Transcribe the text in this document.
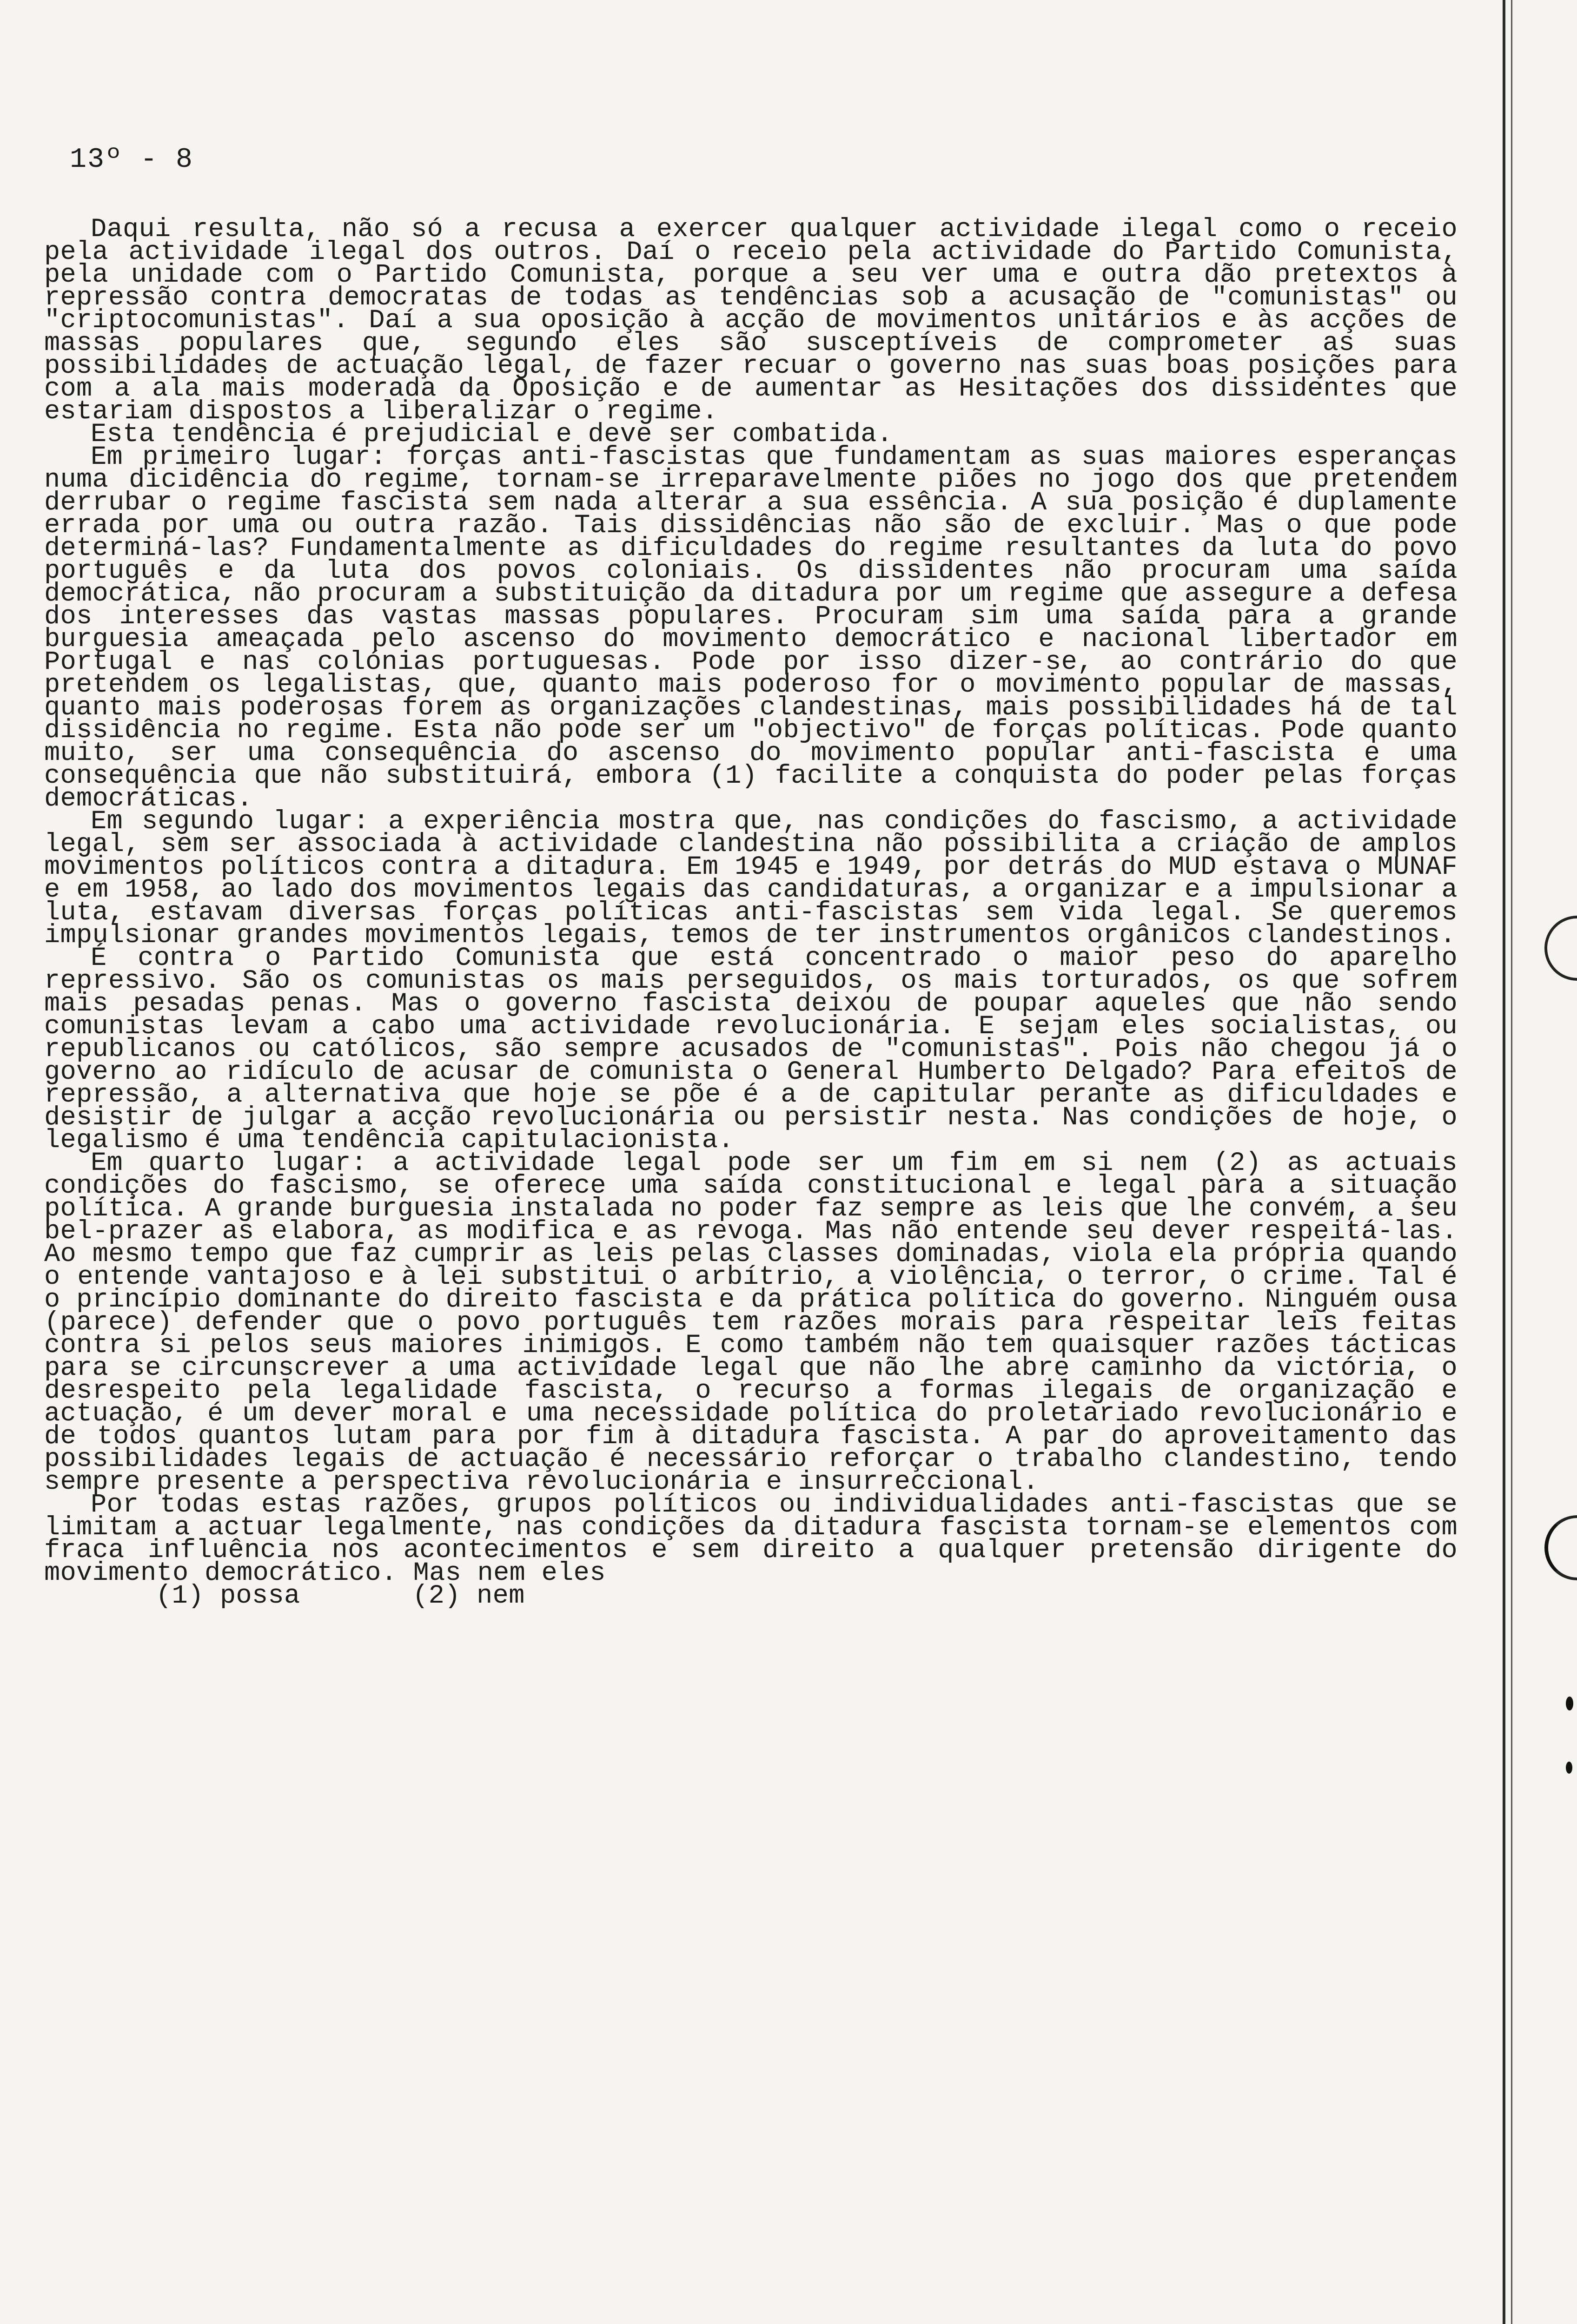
13º - 8

Daqui resulta, não só a recusa a exercer qualquer actividade ilegal como o receio pela actividade ilegal dos outros. Daí o receio pela actividade do Partido Comunista, pela unidade com o Partido Comunista, porque a seu ver uma e outra dão pretextos à repressão contra democratas de todas as tendências sob a acusação de "comunistas" ou "criptocomunistas". Daí a sua oposição à acção de movimentos unitários e às acções de massas populares que, segundo eles são susceptíveis de comprometer as suas possibilidades de actuação legal, de fazer recuar o governo nas suas boas posições para com a ala mais moderada da Oposição e de aumentar as Hesitações dos dissidentes que estariam dispostos a liberalizar o regime.

Esta tendência é prejudicial e deve ser combatida.

Em primeiro lugar: forças anti-fascistas que fundamentam as suas maiores esperanças numa dicidência do regime, tornam-se irreparavelmente piões no jogo dos que pretendem derrubar o regime fascista sem nada alterar a sua essência. A sua posição é duplamente errada por uma ou outra razão. Tais dissidências não são de excluir. Mas o que pode determiná-las? Fundamentalmente as dificuldades do regime resultantes da luta do povo português e da luta dos povos coloniais. Os dissidentes não procuram uma saída democrática, não procuram a substituição da ditadura por um regime que assegure a defesa dos interesses das vastas massas populares. Procuram sim uma saída para a grande burguesia ameaçada pelo ascenso do movimento democrático e nacional libertador em Portugal e nas colónias portuguesas. Pode por isso dizer-se, ao contrário do que pretendem os legalistas, que, quanto mais poderoso for o movimento popular de massas, quanto mais poderosas forem as organizações clandestinas, mais possibilidades há de tal dissidência no regime. Esta não pode ser um "objectivo" de forças políticas. Pode quanto muito, ser uma consequência do ascenso do movimento popular anti-fascista e uma consequência que não substituirá, embora (1) facilite a conquista do poder pelas forças democráticas.

Em segundo lugar: a experiência mostra que, nas condições do fascismo, a actividade legal, sem ser associada à actividade clandestina não possibilita a criação de amplos movimentos políticos contra a ditadura. Em 1945 e 1949, por detrás do MUD estava o MUNAF e em 1958, ao lado dos movimentos legais das candidaturas, a organizar e a impulsionar a luta, estavam diversas forças políticas anti-fascistas sem vida legal. Se queremos impulsionar grandes movimentos legais, temos de ter instrumentos orgânicos clandestinos.

É contra o Partido Comunista que está concentrado o maior peso do aparelho repressivo. São os comunistas os mais perseguidos, os mais torturados, os que sofrem mais pesadas penas. Mas o governo fascista deixou de poupar aqueles que não sendo comunistas levam a cabo uma actividade revolucionária. E sejam eles socialistas, ou republicanos ou católicos, são sempre acusados de "comunistas". Pois não chegou já o governo ao ridículo de acusar de comunista o General Humberto Delgado? Para efeitos de repressão, a alternativa que hoje se põe é a de capitular perante as dificuldades e desistir de julgar a acção revolucionária ou persistir nesta. Nas condições de hoje, o legalismo é uma tendência capitulacionista.

Em quarto lugar: a actividade legal pode ser um fim em si nem (2) as actuais condições do fascismo, se oferece uma saída constitucional e legal para a situação política. A grande burguesia instalada no poder faz sempre as leis que lhe convém, a seu bel-prazer as elabora, as modifica e as revoga. Mas não entende seu dever respeitá-las. Ao mesmo tempo que faz cumprir as leis pelas classes dominadas, viola ela própria quando o entende vantajoso e à lei substitui o arbítrio, a violência, o terror, o crime. Tal é o princípio dominante do direito fascista e da prática política do governo. Ninguém ousa (parece) defender que o povo português tem razões morais para respeitar leis feitas contra si pelos seus maiores inimigos. E como também não tem quaisquer razões tácticas para se circunscrever a uma actividade legal que não lhe abre caminho da victória, o desrespeito pela legalidade fascista, o recurso a formas ilegais de organização e actuação, é um dever moral e uma necessidade política do proletariado revolucionário e de todos quantos lutam para por fim à ditadura fascista. A par do aproveitamento das possibilidades legais de actuação é necessário reforçar o trabalho clandestino, tendo sempre presente a perspectiva revolucionária e insurreccional.

Por todas estas razões, grupos políticos ou individualidades anti-fascistas que se limitam a actuar legalmente, nas condições da ditadura fascista tornam-se elementos com fraca influência nos acontecimentos e sem direito a qualquer pretensão dirigente do movimento democrático. Mas nem eles

(1) possa       (2) nem
